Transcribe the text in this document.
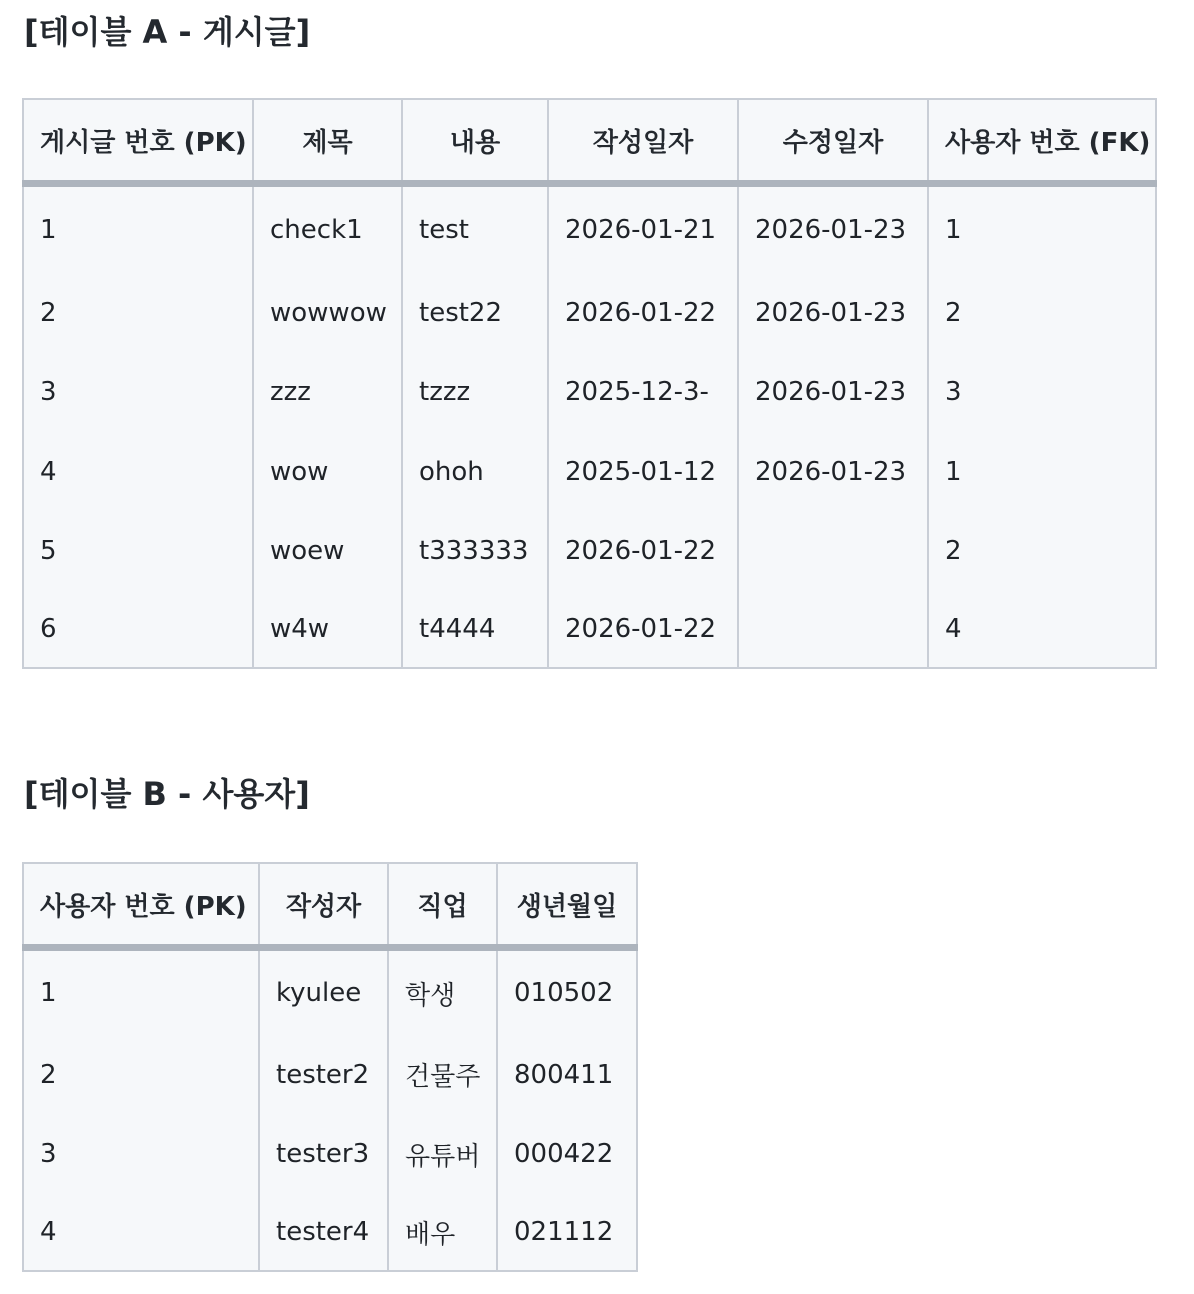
[테이블 A - 게시글]
게시글 번호 (PK)	제목	내용	작성일자	수정일자	사용자 번호 (FK)
1	check1	test	2026-01-21	2026-01-23	1
2	wowwow	test22	2026-01-22	2026-01-23	2
3	zzz	tzzz	2025-12-3-	2026-01-23	3
4	wow	ohoh	2025-01-12	2026-01-23	1
5	woew	t333333	2026-01-22		2
6	w4w	t4444	2026-01-22		4
[테이블 B - 사용자]
사용자 번호 (PK)	작성자	직업	생년월일
1	kyulee	학생	010502
2	tester2	건물주	800411
3	tester3	유튜버	000422
4	tester4	배우	021112
